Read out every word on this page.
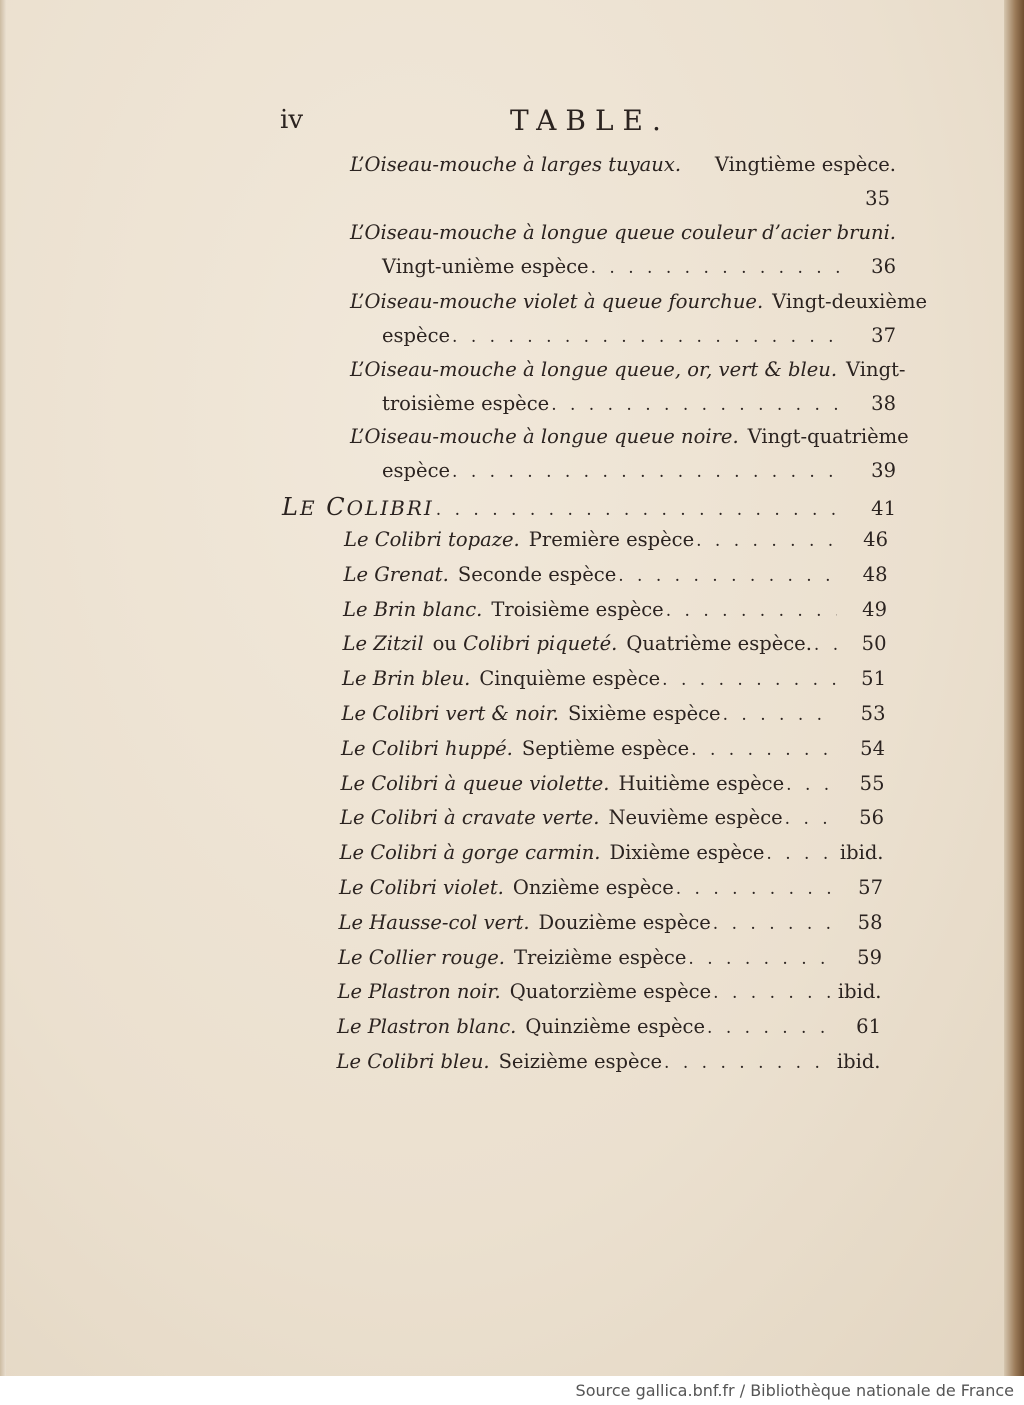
iv	TABLE.
L’Oiseau-mouche à larges tuyaux. Vingtième espèce.
35
L’Oiseau-mouche à longue queue couleur d’acier bruni.
Vingt-unième espèce . . .	36
L’Oiseau-mouche violet à queue fourchue. Vingt-deuxième
espèce . . .	37
L’Oiseau-mouche à longue queue, or, vert & bleu. Vingt-
troisième espèce . . .	38
L’Oiseau-mouche à longue queue noire. Vingt-quatrième
espèce . . .	39
LE COLIBRI . . .	41
Le Colibri topaze. Première espèce . . .	46
Le Grenat. Seconde espèce . . .	48
Le Brin blanc. Troisième espèce . . .	49
Le Zitzil ou
Colibri piqueté. Quatrième espèce. . . .	50
Le Brin bleu. Cinquième espèce . . .	51
Le Colibri vert & noir. Sixième espèce . . .	53
Le Colibri huppé. Septième espèce . . .	54
Le Colibri à queue violette. Huitième espèce . . .	55
Le Colibri à cravate verte. Neuvième espèce . . .	56
Le Colibri à gorge carmin. Dixième espèce . . .	ibid.
Le Colibri violet. Onzième espèce . . .	57
Le Hausse-col vert. Douzième espèce . . .	58
Le Collier rouge. Treizième espèce . . .	59
Le Plastron noir. Quatorzième espèce . . .	ibid.
Le Plastron blanc. Quinzième espèce . . .	61
Le Colibri bleu. Seizième espèce . . .	ibid.
Source gallica.bnf.fr / Bibliothèque nationale de France
